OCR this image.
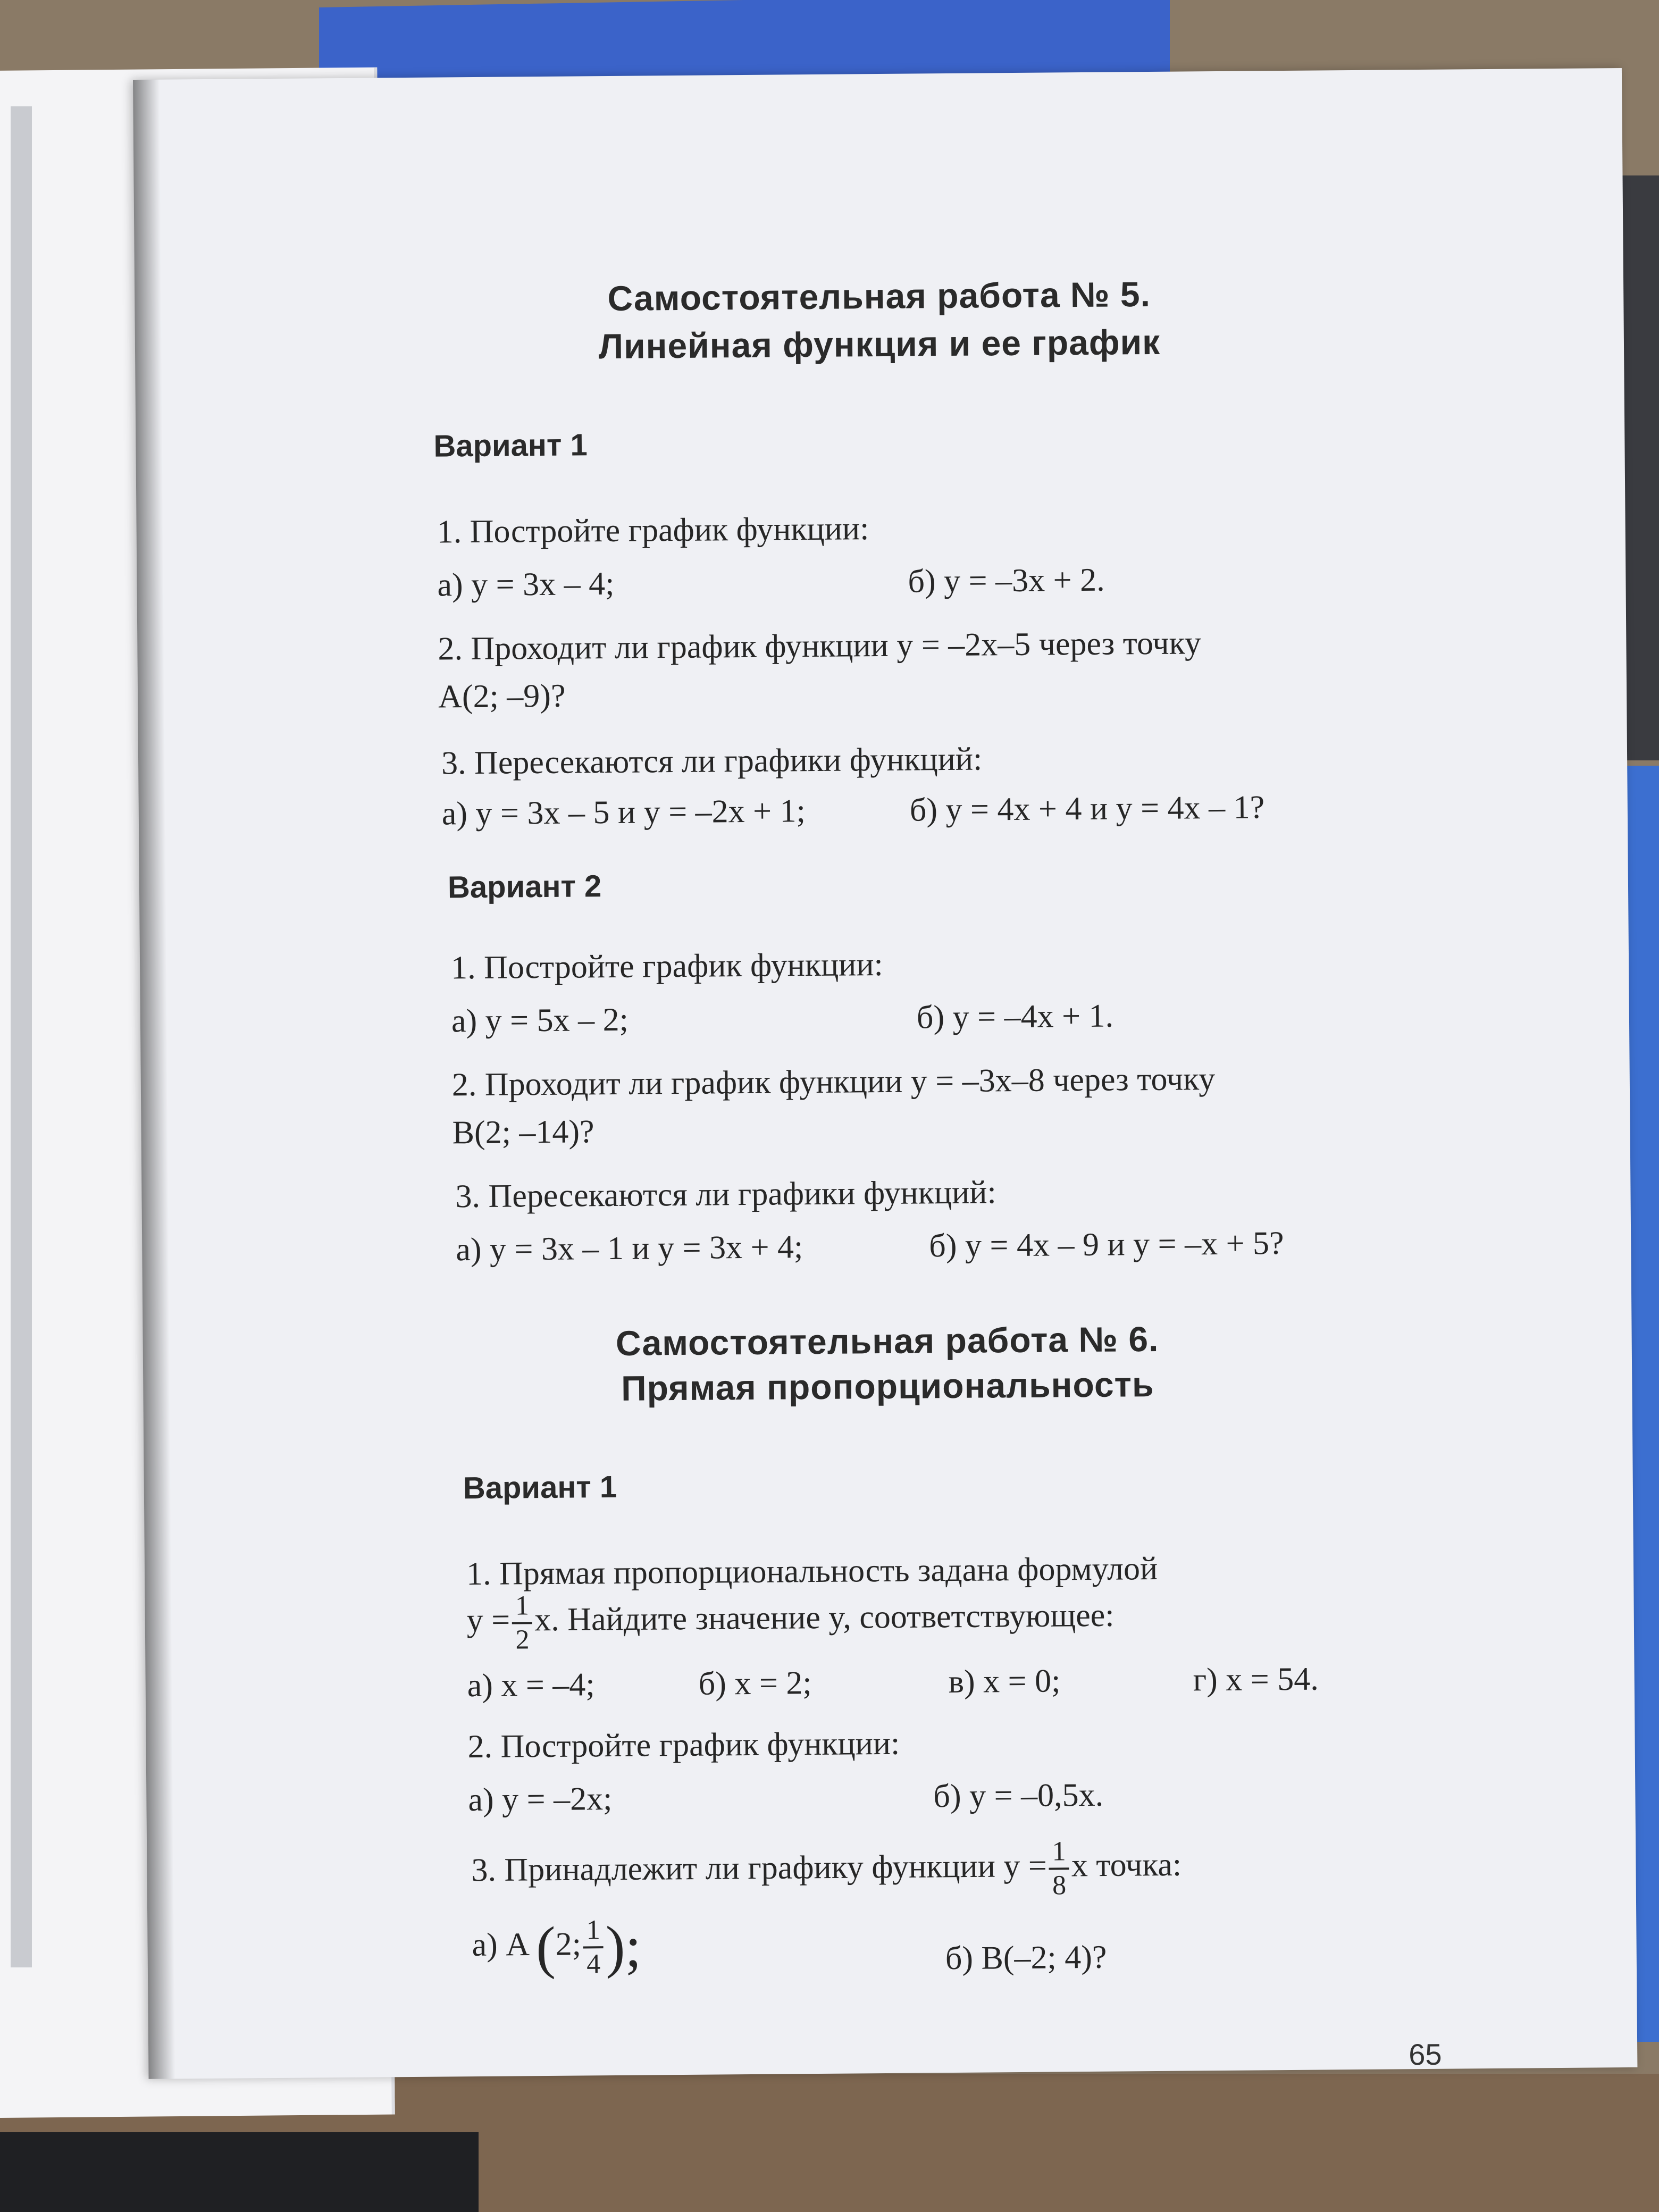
Самостоятельная работа № 5.
Линейная функция и ее график
Вариант 1
1. Постройте график функции:
а) y = 3x – 4;	б) y = –3x + 2.
2. Проходит ли график функции y = –2x–5 через точку
A(2; –9)?
3. Пересекаются ли графики функций:
а) y = 3x – 5 и y = –2x + 1;	б) y = 4x + 4 и y = 4x – 1?
Вариант 2
1. Постройте график функции:
а) y = 5x – 2;	б) y = –4x + 1.
2. Проходит ли график функции y = –3x–8 через точку
B(2; –14)?
3. Пересекаются ли графики функций:
а) y = 3x – 1 и y = 3x + 4;	б) y = 4x – 9 и y = –x + 5?
Самостоятельная работа № 6.
Прямая пропорциональность
Вариант 1
1. Прямая пропорциональность задана формулой
$y = \frac{1}{2} x$. Найдите значение y, соответствующее:
а) x = –4;	б) x = 2;	в) x = 0;	г) x = 54.
2. Постройте график функции:
а) y = –2x;	б) y = –0,5x.
3. Принадлежит ли графику функции $y = \frac{1}{8}$ x точка:
а) A (2; $\frac{1}{4}$ );	б) B(–2; 4)?
65
